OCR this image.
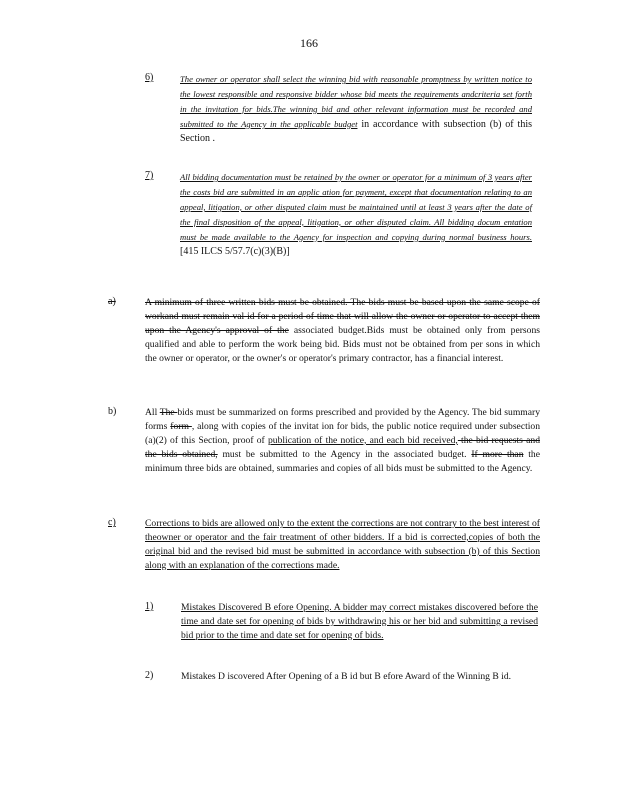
166
6)	The owner or operator shall select the winning bid with reasonable promptness by written notice to the lowest responsible and responsive bidder whose bid meets the requirements andcriteria set forth in the invitation for bids.The winning bid and other relevant information must be recorded and submitted to the Agency in the applicable budget in accordance with subsection (b) of this Section .
7)	All bidding documentation must be retained by the owner or operator for a minimum of 3 years after the costs bid are submitted in an applic ation for payment, except that documentation relating to an appeal, litigation, or other disputed claim must be maintained until at least 3 years after the date of the final disposition of the appeal, litigation, or other disputed claim. All bidding docum entation must be made available to the Agency for inspection and copying during normal business hours. [415 ILCS 5/57.7(c)(3)(B)]
a)	A minimum of three written bids must be obtained. The bids must be based upon the same scope of workand must remain val id for a period of time that will allow the owner or operator to accept them upon the Agency's approval of the associated budget.Bids must be obtained only from persons qualified and able to perform the work being bid. Bids must not be obtained from per sons in which the owner or operator, or the owner's or operator's primary contractor, has a financial interest.
b)	All The bids must be summarized on forms prescribed and provided by the Agency. The bid summary forms form , along with copies of the invitat ion for bids, the public notice required under subsection (a)(2) of this Section, proof of publication of the notice, and each bid received, the bid requests and the bids obtained, must be submitted to the Agency in the associated budget. If more than the minimum three bids are obtained, summaries and copies of all bids must be submitted to the Agency.
c)	Corrections to bids are allowed only to the extent the corrections are not contrary to the best interest of theowner or operator and the fair treatment of other bidders. If a bid is corrected,copies of both the original bid and the revised bid must be submitted in accordance with subsection (b) of this Section along with an explanation of the corrections made.
1)	Mistakes Discovered B efore Opening. A bidder may correct mistakes discovered before the time and date set for opening of bids by withdrawing his or her bid and submitting a revised bid prior to the time and date set for opening of bids.
2)	Mistakes D iscovered After Opening of a B id but B efore Award of the Winning B id.
